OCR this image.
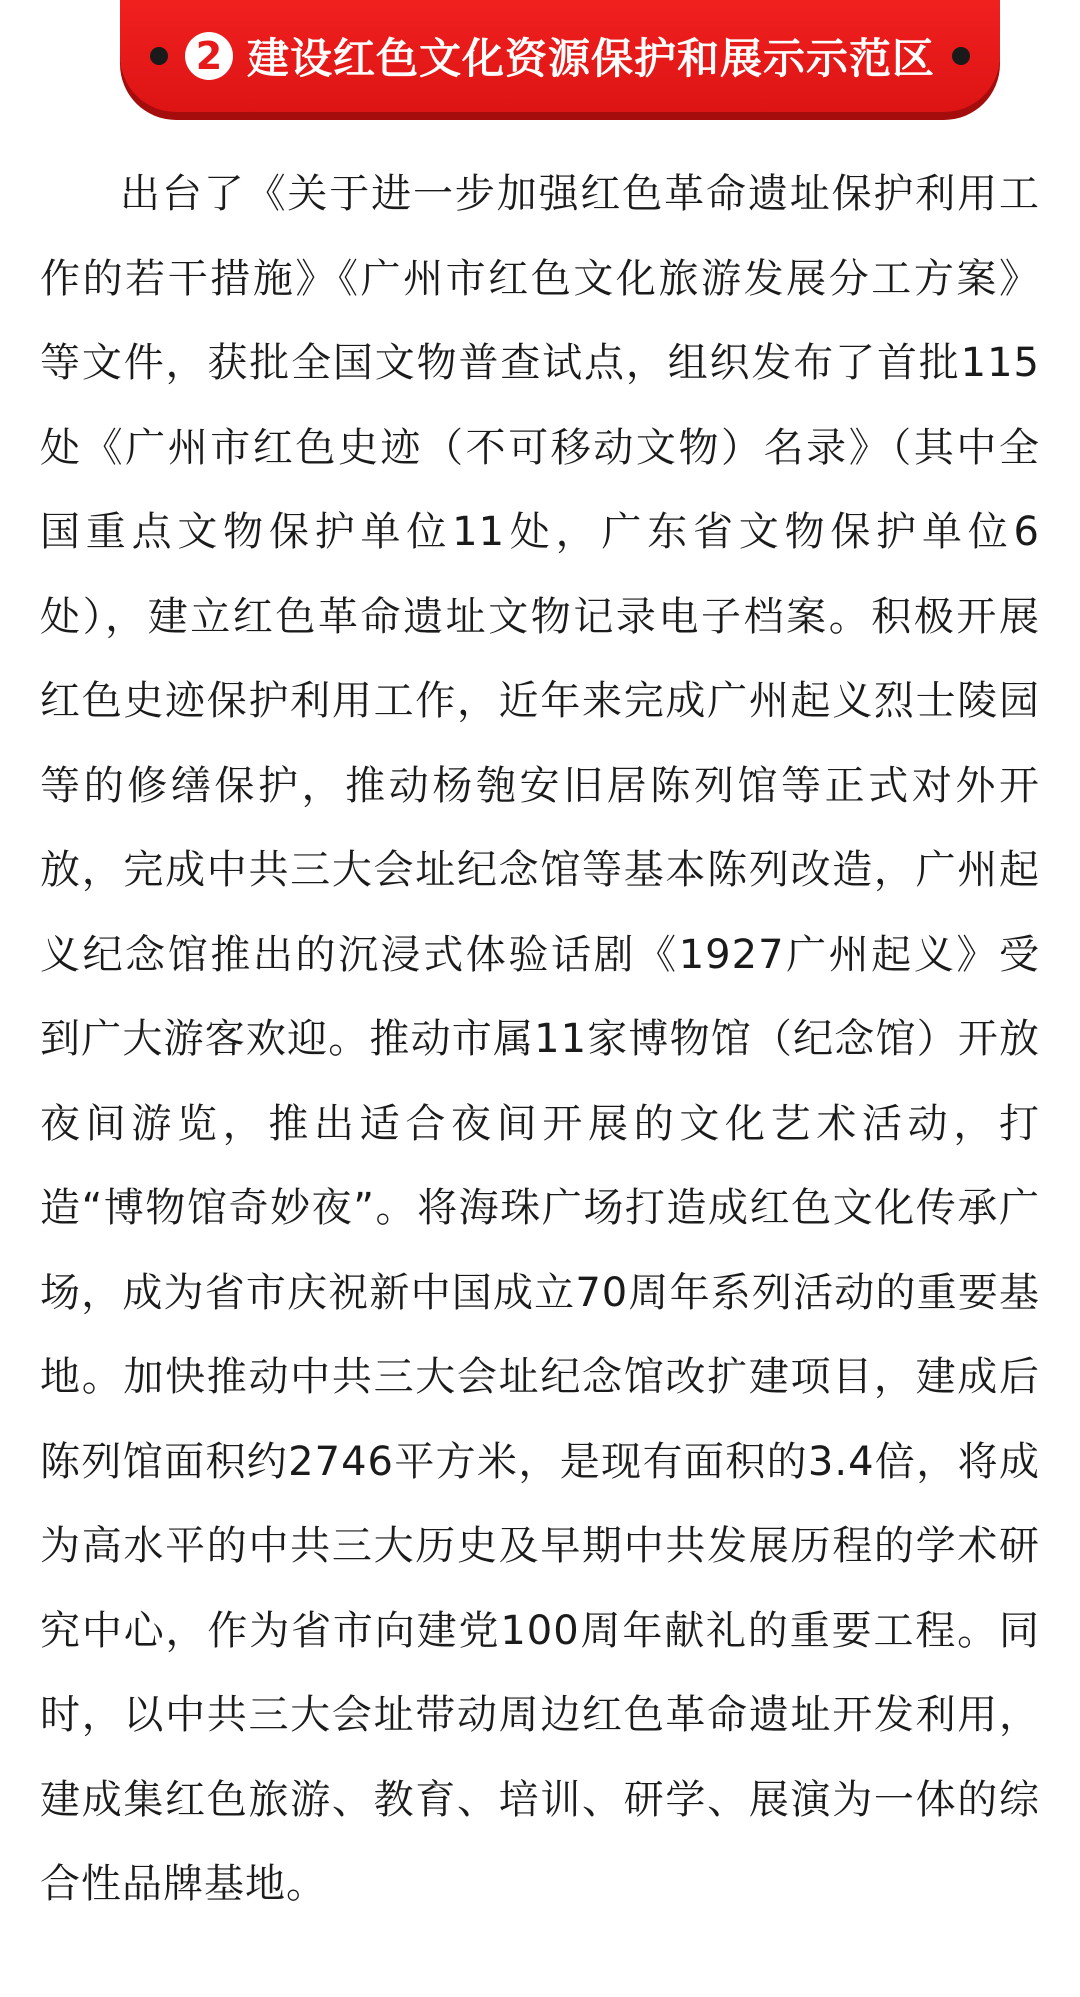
2 建设红色文化资源保护和展示示范区

出台了《关于进一步加强红色革命遗址保护利用工作的若干措施》《广州市红色文化旅游发展分工方案》等文件，获批全国文物普查试点，组织发布了首批115处《广州市红色史迹（不可移动文物）名录》（其中全国重点文物保护单位11处，广东省文物保护单位6处），建立红色革命遗址文物记录电子档案。积极开展红色史迹保护利用工作，近年来完成广州起义烈士陵园等的修缮保护，推动杨匏安旧居陈列馆等正式对外开放，完成中共三大会址纪念馆等基本陈列改造，广州起义纪念馆推出的沉浸式体验话剧《1927广州起义》受到广大游客欢迎。推动市属11家博物馆（纪念馆）开放夜间游览，推出适合夜间开展的文化艺术活动，打造“博物馆奇妙夜”。将海珠广场打造成红色文化传承广场，成为省市庆祝新中国成立70周年系列活动的重要基地。加快推动中共三大会址纪念馆改扩建项目，建成后陈列馆面积约2746平方米，是现有面积的3.4倍，将成为高水平的中共三大历史及早期中共发展历程的学术研究中心，作为省市向建党100周年献礼的重要工程。同时，以中共三大会址带动周边红色革命遗址开发利用，建成集红色旅游、教育、培训、研学、展演为一体的综合性品牌基地。
